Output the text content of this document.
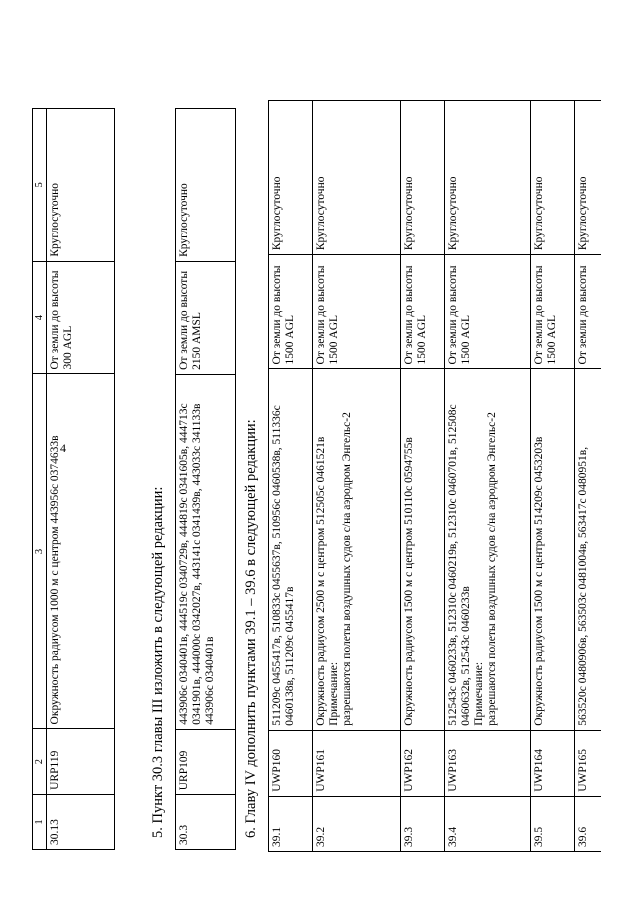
4
1	2	3	4	5
30.13	URP119	Окружность радиусом 1000 м с центром 443956с 0374633в	От земли до высоты 300 AGL	Круглосуточно
5. Пункт 30.3 главы III изложить в следующей редакции: 30.3	URP109	443906с 0340401в, 444519с 0340729в, 444819с 0341605в, 444713с 0341901в, 444000с 0342027в, 443141с 0341439в, 443033с 341133в 443906с 0340401в	От земли до высоты 2150 AMSL	Круглосуточно
6. Главу IV дополнить пунктами 39.1 – 39.6 в следующей редакции: 39.1	UWP160	511209с 0455417в, 510833с 0455637в, 510956с 0460538в, 511336с 0460138в, 511209с 0455417в	От земли до высоты 1500 AGL	Круглосуточно
39.2	UWP161	Окружность радиусом 2500 м с центром 512505с 0461521в Примечание:
разрешаются полеты воздушных судов с/на аэродром Энгельс-2	От земли до высоты 1500 AGL	Круглосуточно
39.3	UWP162	Окружность радиусом 1500 м с центром 510110с 0594755в	От земли до высоты 1500 AGL	Круглосуточно
39.4	UWP163	512543с 0460233в, 512310с 0460219в, 512310с 0460701в, 512508с 0460632в, 512543с 0460233в Примечание:
разрешаются полеты воздушных судов с/на аэродром Энгельс-2	От земли до высоты 1500 AGL	Круглосуточно
39.5	UWP164	Окружность радиусом 1500 м с центром 514209с 0453203в	От земли до высоты 1500 AGL	Круглосуточно
39.6	UWP165	563520с 0480906в, 563503с 0481004в, 563417с 0480951в,	От земли до высоты	Круглосуточно
